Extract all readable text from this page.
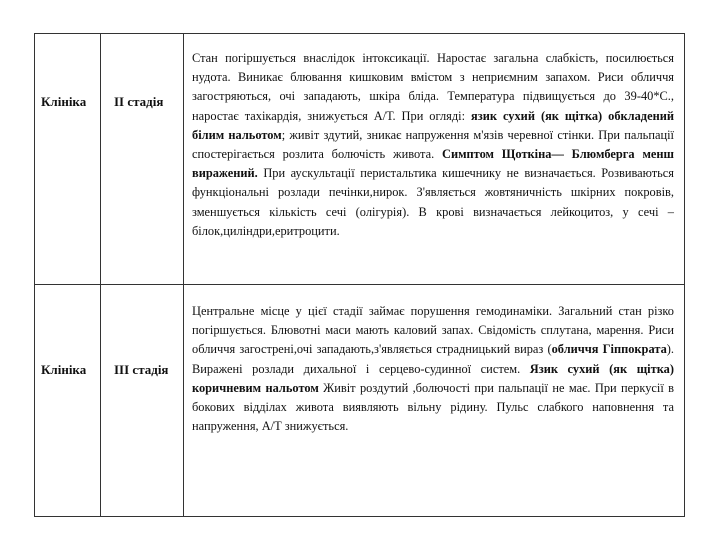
Клініка ІІ стадія
Стан погіршується внаслідок інтоксикації. Наростає загальна слабкість, посилюється нудота. Виникає блювання кишковим вмістом з неприємним запахом. Риси обличчя загостряються, очі западають, шкіра бліда. Температура підвищується до 39-40*С., наростає тахікардія, знижується А/Т. При огляді: язик сухий (як щітка) обкладений білим нальотом; живіт здутий, зникає напруження м'язів черевної стінки. При пальпації спостерігається розлита болючість живота. Симптом Щоткіна— Блюмберга менш виражений. При аускультації перистальтика кишечнику не визначається. Розвиваються функціональні розлади печінки,нирок. З'являється жовтяничність шкірних покровів, зменшується кількість сечі (олігурія). В крові визначається лейкоцитоз, у сечі – білок,циліндри,еритроцити.
Клініка ІІІ стадія
Центральне місце у цієї стадії займає порушення гемодинаміки. Загальний стан різко погіршується. Блювотні маси мають каловий запах. Свідомість сплутана, марення. Риси обличчя загострені,очі западають,з'являється страдницький вираз (обличчя Гіппократа). Виражені розлади дихальної і серцево-судинної систем. Язик сухий (як щітка) коричневим нальотом Живіт роздутий ,болючості при пальпації не має. При перкусії в бокових відділах живота виявляють вільну рідину. Пульс слабкого наповнення та напруження, А/Т знижується.
